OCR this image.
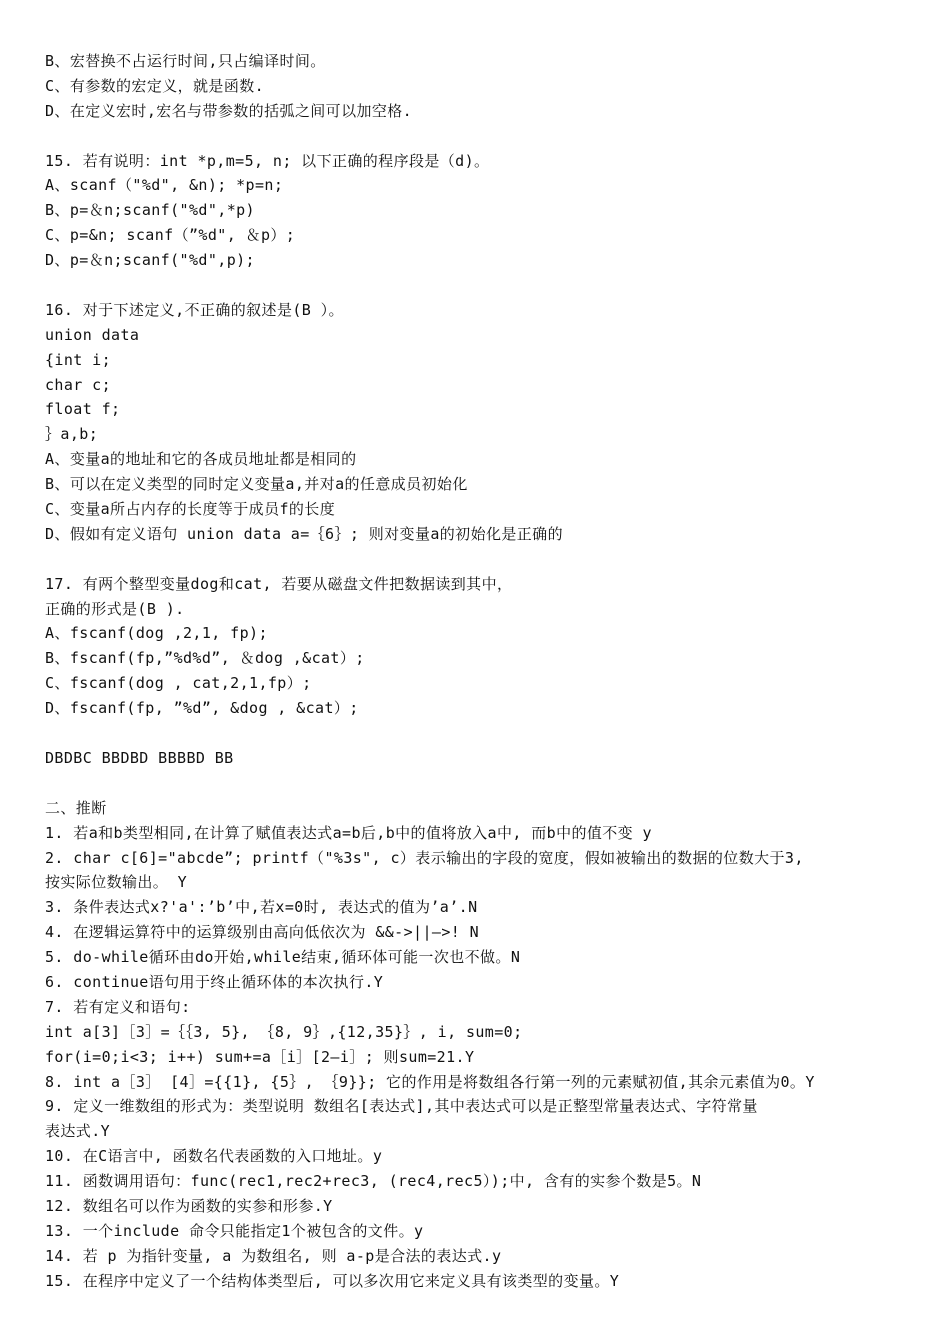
B、宏替换不占运行时间,只占编译时间。
C、有参数的宏定义，就是函数.
D、在定义宏时,宏名与带参数的括弧之间可以加空格.
15. 若有说明：int *p,m=5, n; 以下正确的程序段是（d)。
A、scanf（"%d", &n); *p=n;
B、p=＆n;scanf("%d",*p)
C、p=&n; scanf（”%d", ＆p）;
D、p=＆n;scanf("%d",p);
16. 对于下述定义,不正确的叙述是(B ）。
union data
{int i;
char c;
float f;
｝a,b;
A、变量a的地址和它的各成员地址都是相同的
B、可以在定义类型的同时定义变量a,并对a的任意成员初始化
C、变量a所占内存的长度等于成员f的长度
D、假如有定义语句 union data a=｛6｝; 则对变量a的初始化是正确的
17. 有两个整型变量dog和cat, 若要从磁盘文件把数据读到其中，
正确的形式是(B ).
A、fscanf(dog ,2,1, fp);
B、fscanf(fp,”%d%d”, ＆dog ,&cat）;
C、fscanf(dog , cat,2,1,fp）;
D、fscanf(fp, ”%d”, &dog , &cat）;
DBDBC BBDBD BBBBD BB
二、推断
1. 若a和b类型相同,在计算了赋值表达式a=b后,b中的值将放入a中, 而b中的值不变 y
2. char c[6]="abcde”; printf（"%3s", c）表示输出的字段的宽度，假如被输出的数据的位数大于3,
按实际位数输出。 Y
3. 条件表达式x?'a':’b’中,若x=0时, 表达式的值为’a’.N
4. 在逻辑运算符中的运算级别由高向低依次为 &&->||—>! N
5. do-while循环由do开始,while结束,循环体可能一次也不做。N
6. continue语句用于终止循环体的本次执行.Y
7. 若有定义和语句:
int a[3]［3］=｛｛3, 5}, ｛8, 9｝,{12,35}｝, i, sum=0;
for(i=0;i<3; i++) sum+=a［i］[2—i］; 则sum=21.Y
8. int a［3］ [4］={{1}, {5｝, ｛9}}; 它的作用是将数组各行第一列的元素赋初值,其余元素值为0。Y
9. 定义一维数组的形式为：类型说明 数组名[表达式],其中表达式可以是正整型常量表达式、字符常量
表达式.Y
10. 在C语言中, 函数名代表函数的入口地址。y
11. 函数调用语句：func(rec1,rec2+rec3, (rec4,rec5）);中, 含有的实参个数是5。N
12. 数组名可以作为函数的实参和形参.Y
13. 一个include 命令只能指定1个被包含的文件。y
14. 若 p 为指针变量, a 为数组名, 则 a-p是合法的表达式.y
15. 在程序中定义了一个结构体类型后, 可以多次用它来定义具有该类型的变量。Y
